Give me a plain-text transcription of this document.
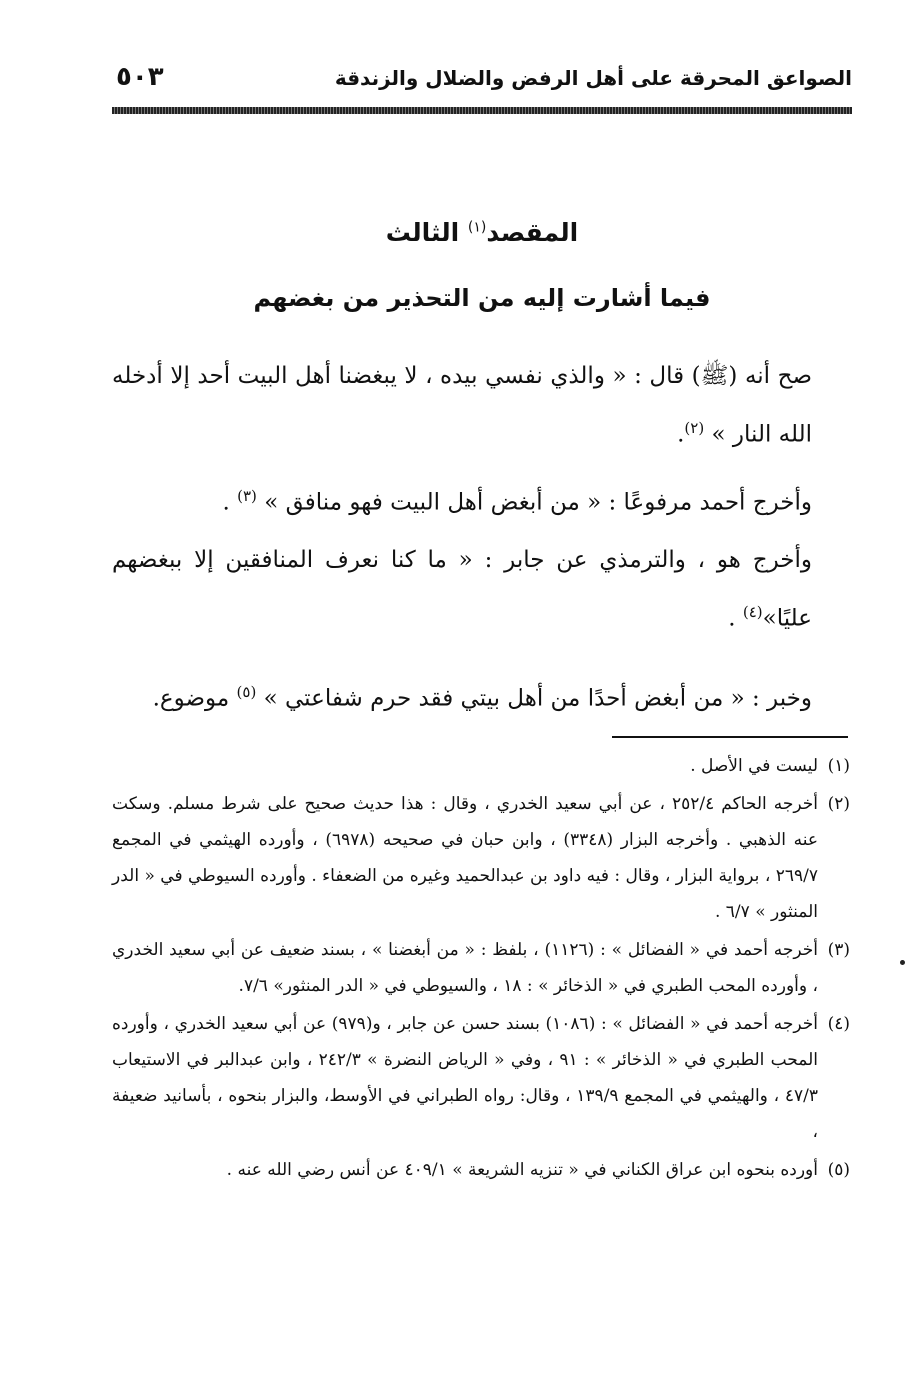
الصواعق المحرقة على أهل الرفض والضلال والزندقة
٥٠٣
المقصد$^{(١)}$ الثالث
فيما أشارت إليه من التحذير من بغضهم
صح أنه (ﷺ) قال : « والذي نفسي بيده ، لا يبغضنا أهل البيت أحد إلا أدخله الله النار » $^{(٢)}$.
وأخرج أحمد مرفوعًا : « من أبغض أهل البيت فهو منافق » $^{(٣)}$ .
وأخرج هو ، والترمذي عن جابر : « ما كنا نعرف المنافقين إلا ببغضهم عليًا»$^{(٤)}$ .
وخبر : « من أبغض أحدًا من أهل بيتي فقد حرم شفاعتي » $^{(٥)}$ موضوع.

(١)
ليست في الأصل .

(٢)
أخرجه الحاكم ٢٥٢/٤ ، عن أبي سعيد الخدري ، وقال : هذا حديث صحيح على شرط مسلم. وسكت عنه الذهبي . وأخرجه البزار (٣٣٤٨) ، وابن حبان في صحيحه (٦٩٧٨) ، وأورده الهيثمي في المجمع ٢٦٩/٧ ، برواية البزار ، وقال : فيه داود بن عبدالحميد وغيره من الضعفاء . وأورده السيوطي في « الدر المنثور » ٦/٧ .

(٣)
أخرجه أحمد في « الفضائل » : (١١٢٦) ، بلفظ : « من أبغضنا » ، بسند ضعيف عن أبي سعيد الخدري ، وأورده المحب الطبري في « الذخائر » : ١٨ ، والسيوطي في « الدر المنثور» ٧/٦.

(٤)
أخرجه أحمد في « الفضائل » : (١٠٨٦) بسند حسن عن جابر ، و(٩٧٩) عن أبي سعيد الخدري ، وأورده المحب الطبري في « الذخائر » : ٩١ ، وفي « الرياض النضرة » ٢٤٢/٣ ، وابن عبدالبر في الاستيعاب ٤٧/٣ ، والهيثمي في المجمع ١٣٩/٩ ، وقال: رواه الطبراني في الأوسط، والبزار بنحوه ، بأسانيد ضعيفة ،

(٥)
أورده بنحوه ابن عراق الكناني في « تنزيه الشريعة » ٤٠٩/١ عن أنس رضي الله عنه .
